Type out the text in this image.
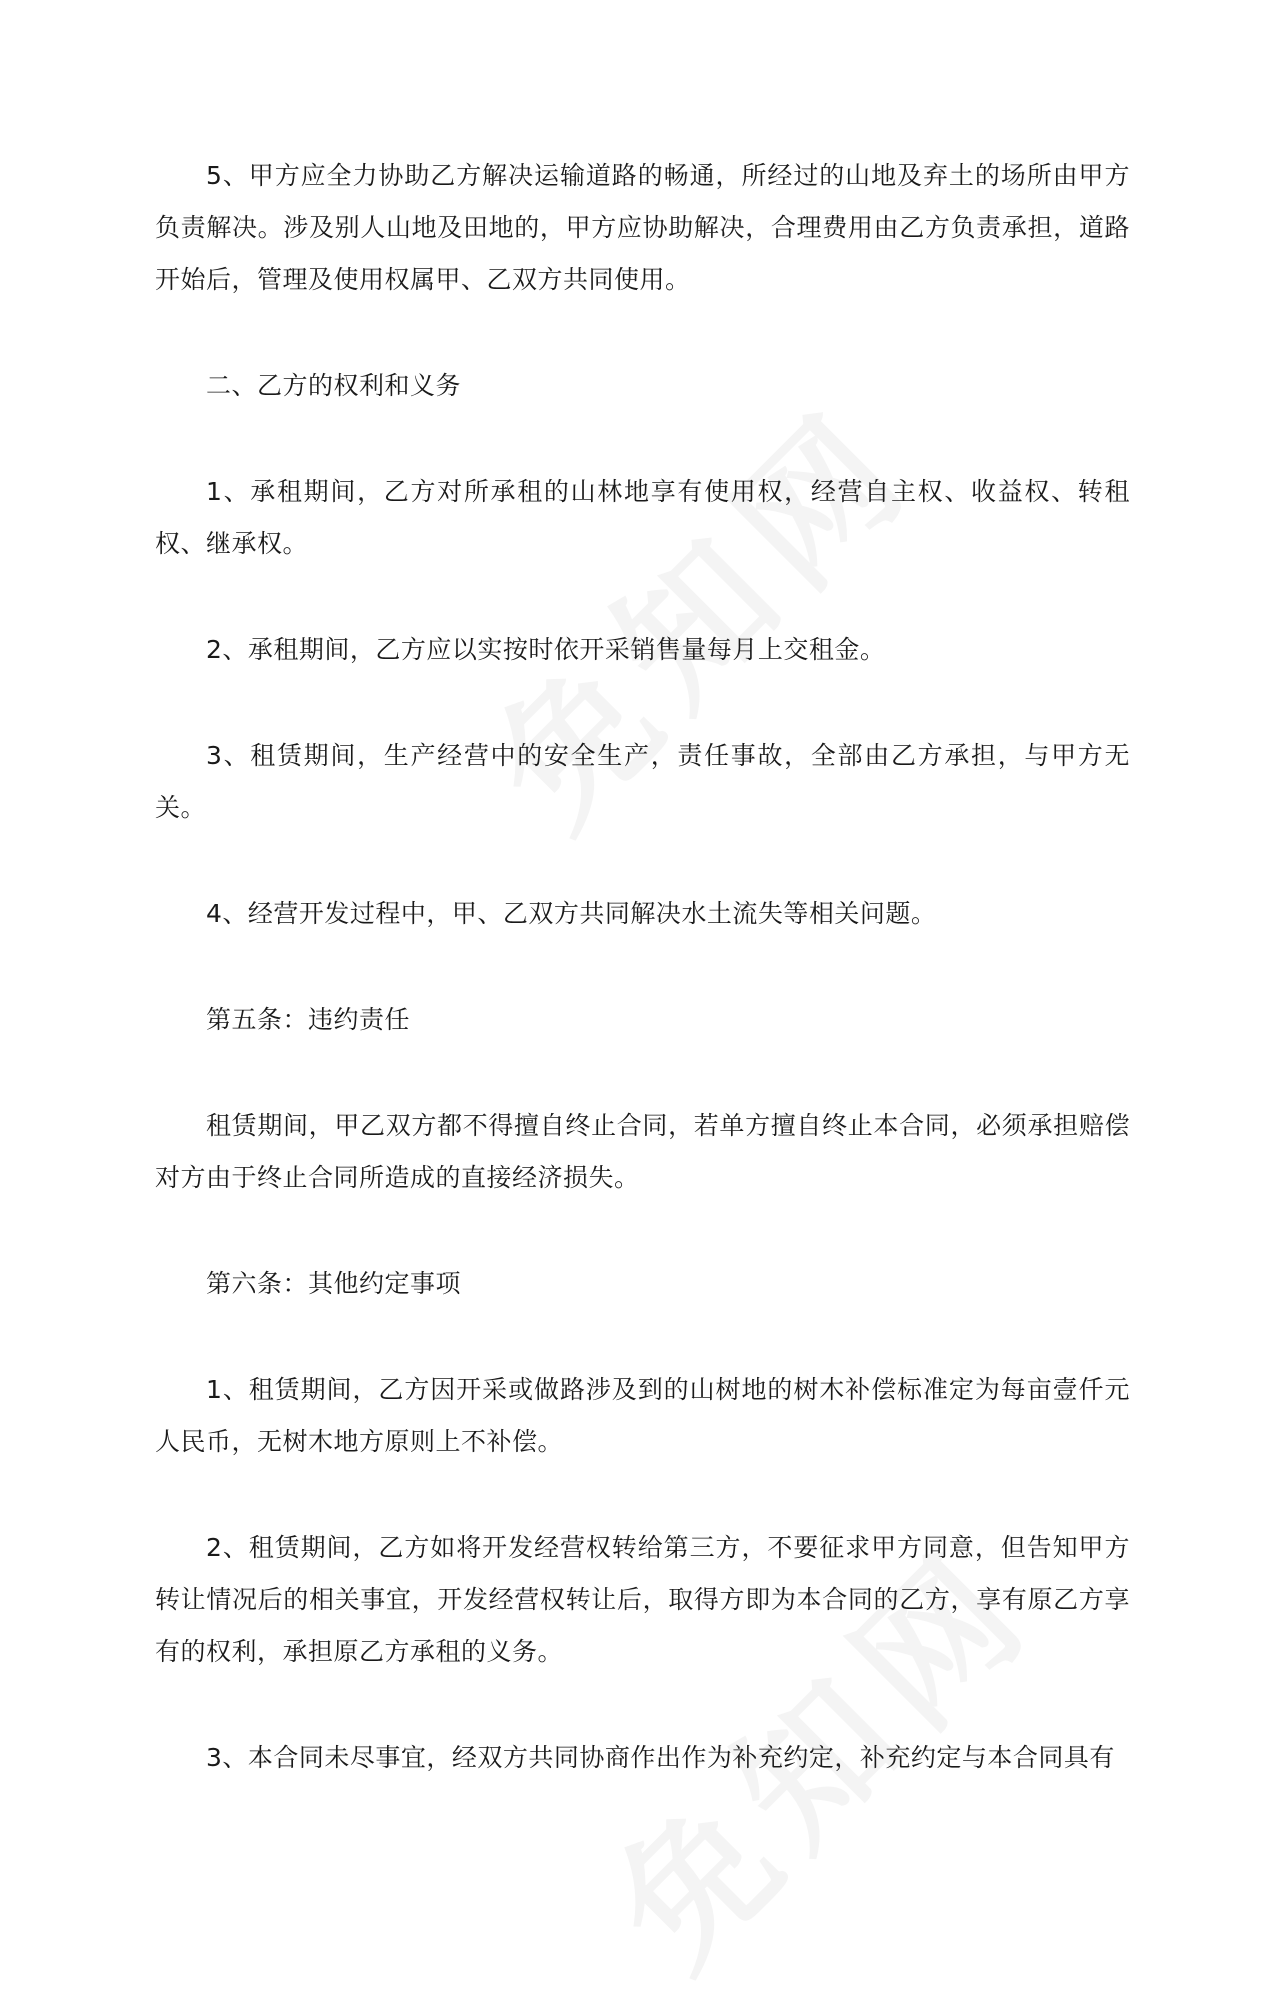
5、甲方应全力协助乙方解决运输道路的畅通，所经过的山地及弃土的场所由甲方负责解决。涉及别人山地及田地的，甲方应协助解决，合理费用由乙方负责承担，道路开始后，管理及使用权属甲、乙双方共同使用。

二、乙方的权利和义务

1、承租期间，乙方对所承租的山林地享有使用权，经营自主权、收益权、转租权、继承权。

2、承租期间，乙方应以实按时依开采销售量每月上交租金。

3、租赁期间，生产经营中的安全生产，责任事故，全部由乙方承担，与甲方无关。

4、经营开发过程中，甲、乙双方共同解决水土流失等相关问题。

第五条：违约责任

租赁期间，甲乙双方都不得擅自终止合同，若单方擅自终止本合同，必须承担赔偿对方由于终止合同所造成的直接经济损失。

第六条：其他约定事项

1、租赁期间，乙方因开采或做路涉及到的山树地的树木补偿标准定为每亩壹仟元人民币，无树木地方原则上不补偿。

2、租赁期间，乙方如将开发经营权转给第三方，不要征求甲方同意，但告知甲方转让情况后的相关事宜，开发经营权转让后，取得方即为本合同的乙方，享有原乙方享有的权利，承担原乙方承租的义务。

3、本合同未尽事宜，经双方共同协商作出作为补充约定，补充约定与本合同具有
